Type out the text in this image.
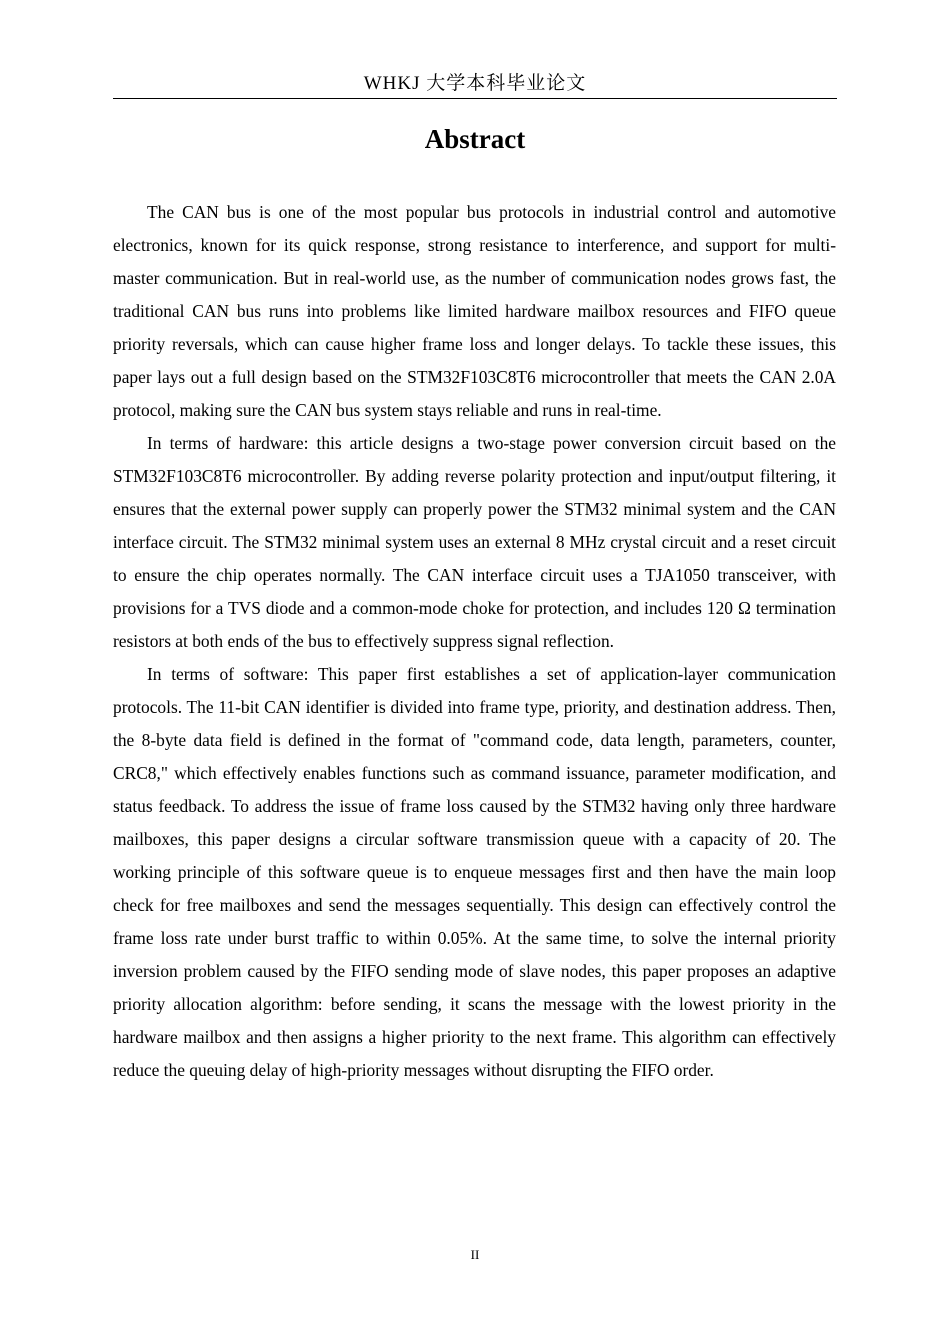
WHKJ 大学本科毕业论文
Abstract

The CAN bus is one of the most popular bus protocols in industrial control and automotive electronics, known for its quick response, strong resistance to interference, and support for multi-master communication. But in real-world use, as the number of communication nodes grows fast, the traditional CAN bus runs into problems like limited hardware mailbox resources and FIFO queue priority reversals, which can cause higher frame loss and longer delays. To tackle these issues, this paper lays out a full design based on the STM32F103C8T6 microcontroller that meets the CAN 2.0A protocol, making sure the CAN bus system stays reliable and runs in real-time.

In terms of hardware: this article designs a two-stage power conversion circuit based on the STM32F103C8T6 microcontroller. By adding reverse polarity protection and input/output filtering, it ensures that the external power supply can properly power the STM32 minimal system and the CAN interface circuit. The STM32 minimal system uses an external 8 MHz crystal circuit and a reset circuit to ensure the chip operates normally. The CAN interface circuit uses a TJA1050 transceiver, with provisions for a TVS diode and a common-mode choke for protection, and includes 120 Ω termination resistors at both ends of the bus to effectively suppress signal reflection.

In terms of software: This paper first establishes a set of application-layer communication protocols. The 11-bit CAN identifier is divided into frame type, priority, and destination address. Then, the 8-byte data field is defined in the format of "command code, data length, parameters, counter, CRC8," which effectively enables functions such as command issuance, parameter modification, and status feedback. To address the issue of frame loss caused by the STM32 having only three hardware mailboxes, this paper designs a circular software transmission queue with a capacity of 20. The working principle of this software queue is to enqueue messages first and then have the main loop check for free mailboxes and send the messages sequentially. This design can effectively control the frame loss rate under burst traffic to within 0.05%. At the same time, to solve the internal priority inversion problem caused by the FIFO sending mode of slave nodes, this paper proposes an adaptive priority allocation algorithm: before sending, it scans the message with the lowest priority in the hardware mailbox and then assigns a higher priority to the next frame. This algorithm can effectively reduce the queuing delay of high-priority messages without disrupting the FIFO order.

II
